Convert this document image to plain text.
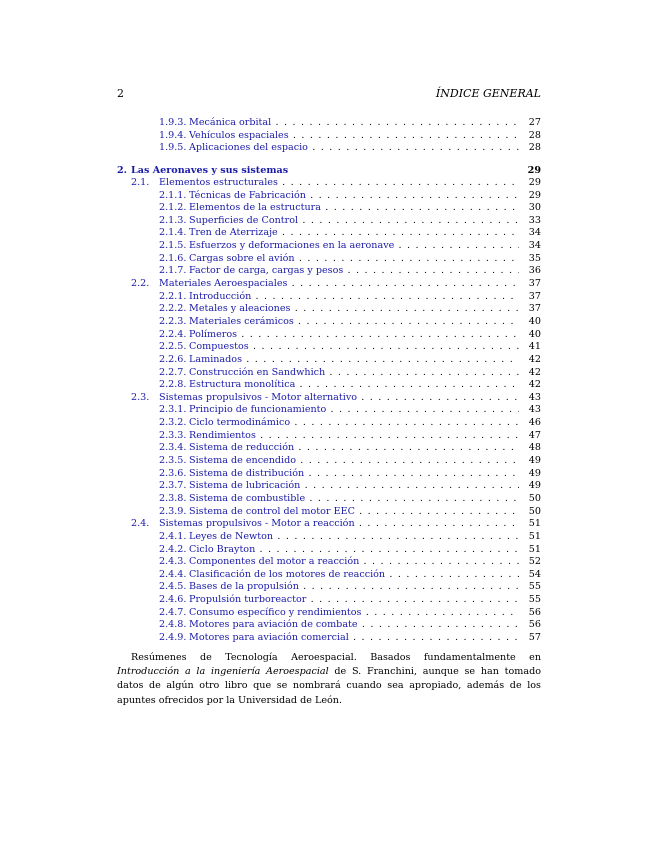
2	ÍNDICE GENERAL
1.9.3. Mecánica orbital . . .	27
1.9.4. Vehículos espaciales . . .	28
1.9.5. Aplicaciones del espacio . . .	28
2. Las Aeronaves y sus sistemas	29
2.1. Elementos estructurales . . .	29
2.1.1. Técnicas de Fabricación . . .	29
2.1.2. Elementos de la estructura . . .	30
2.1.3. Superficies de Control . . .	33
2.1.4. Tren de Aterrizaje . . .	34
2.1.5. Esfuerzos y deformaciones en la aeronave . . .	34
2.1.6. Cargas sobre el avión . . .	35
2.1.7. Factor de carga, cargas y pesos . . .	36
2.2. Materiales Aeroespaciales . . .	37
2.2.1. Introducción . . .	37
2.2.2. Metales y aleaciones . . .	37
2.2.3. Materiales cerámicos . . .	40
2.2.4. Polímeros . . .	40
2.2.5. Compuestos . . .	41
2.2.6. Laminados . . .	42
2.2.7. Construcción en Sandwhich . . .	42
2.2.8. Estructura monolítica . . .	42
2.3. Sistemas propulsivos - Motor alternativo . . .	43
2.3.1. Principio de funcionamiento . . .	43
2.3.2. Ciclo termodinámico . . .	46
2.3.3. Rendimientos . . .	47
2.3.4. Sistema de reducción . . .	48
2.3.5. Sistema de encendido . . .	49
2.3.6. Sistema de distribución . . .	49
2.3.7. Sistema de lubricación . . .	49
2.3.8. Sistema de combustible . . .	50
2.3.9. Sistema de control del motor EEC . . .	50
2.4. Sistemas propulsivos - Motor a reacción . . .	51
2.4.1. Leyes de Newton . . .	51
2.4.2. Ciclo Brayton . . .	51
2.4.3. Componentes del motor a reacción . . .	52
2.4.4. Clasificación de los motores de reacción . . .	54
2.4.5. Bases de la propulsión . . .	55
2.4.6. Propulsión turboreactor . . .	55
2.4.7. Consumo específico y rendimientos . . .	56
2.4.8. Motores para aviación de combate . . .	56
2.4.9. Motores para aviación comercial . . .	57
Resúmenes de Tecnología Aeroespacial. Basados fundamentalmente en Introducción a la ingeniería Aeroespacial de S. Franchini, aunque se han tomado datos de algún otro libro que se nombrará cuando sea apropiado, además de los apuntes ofrecidos por la Universidad de León.
